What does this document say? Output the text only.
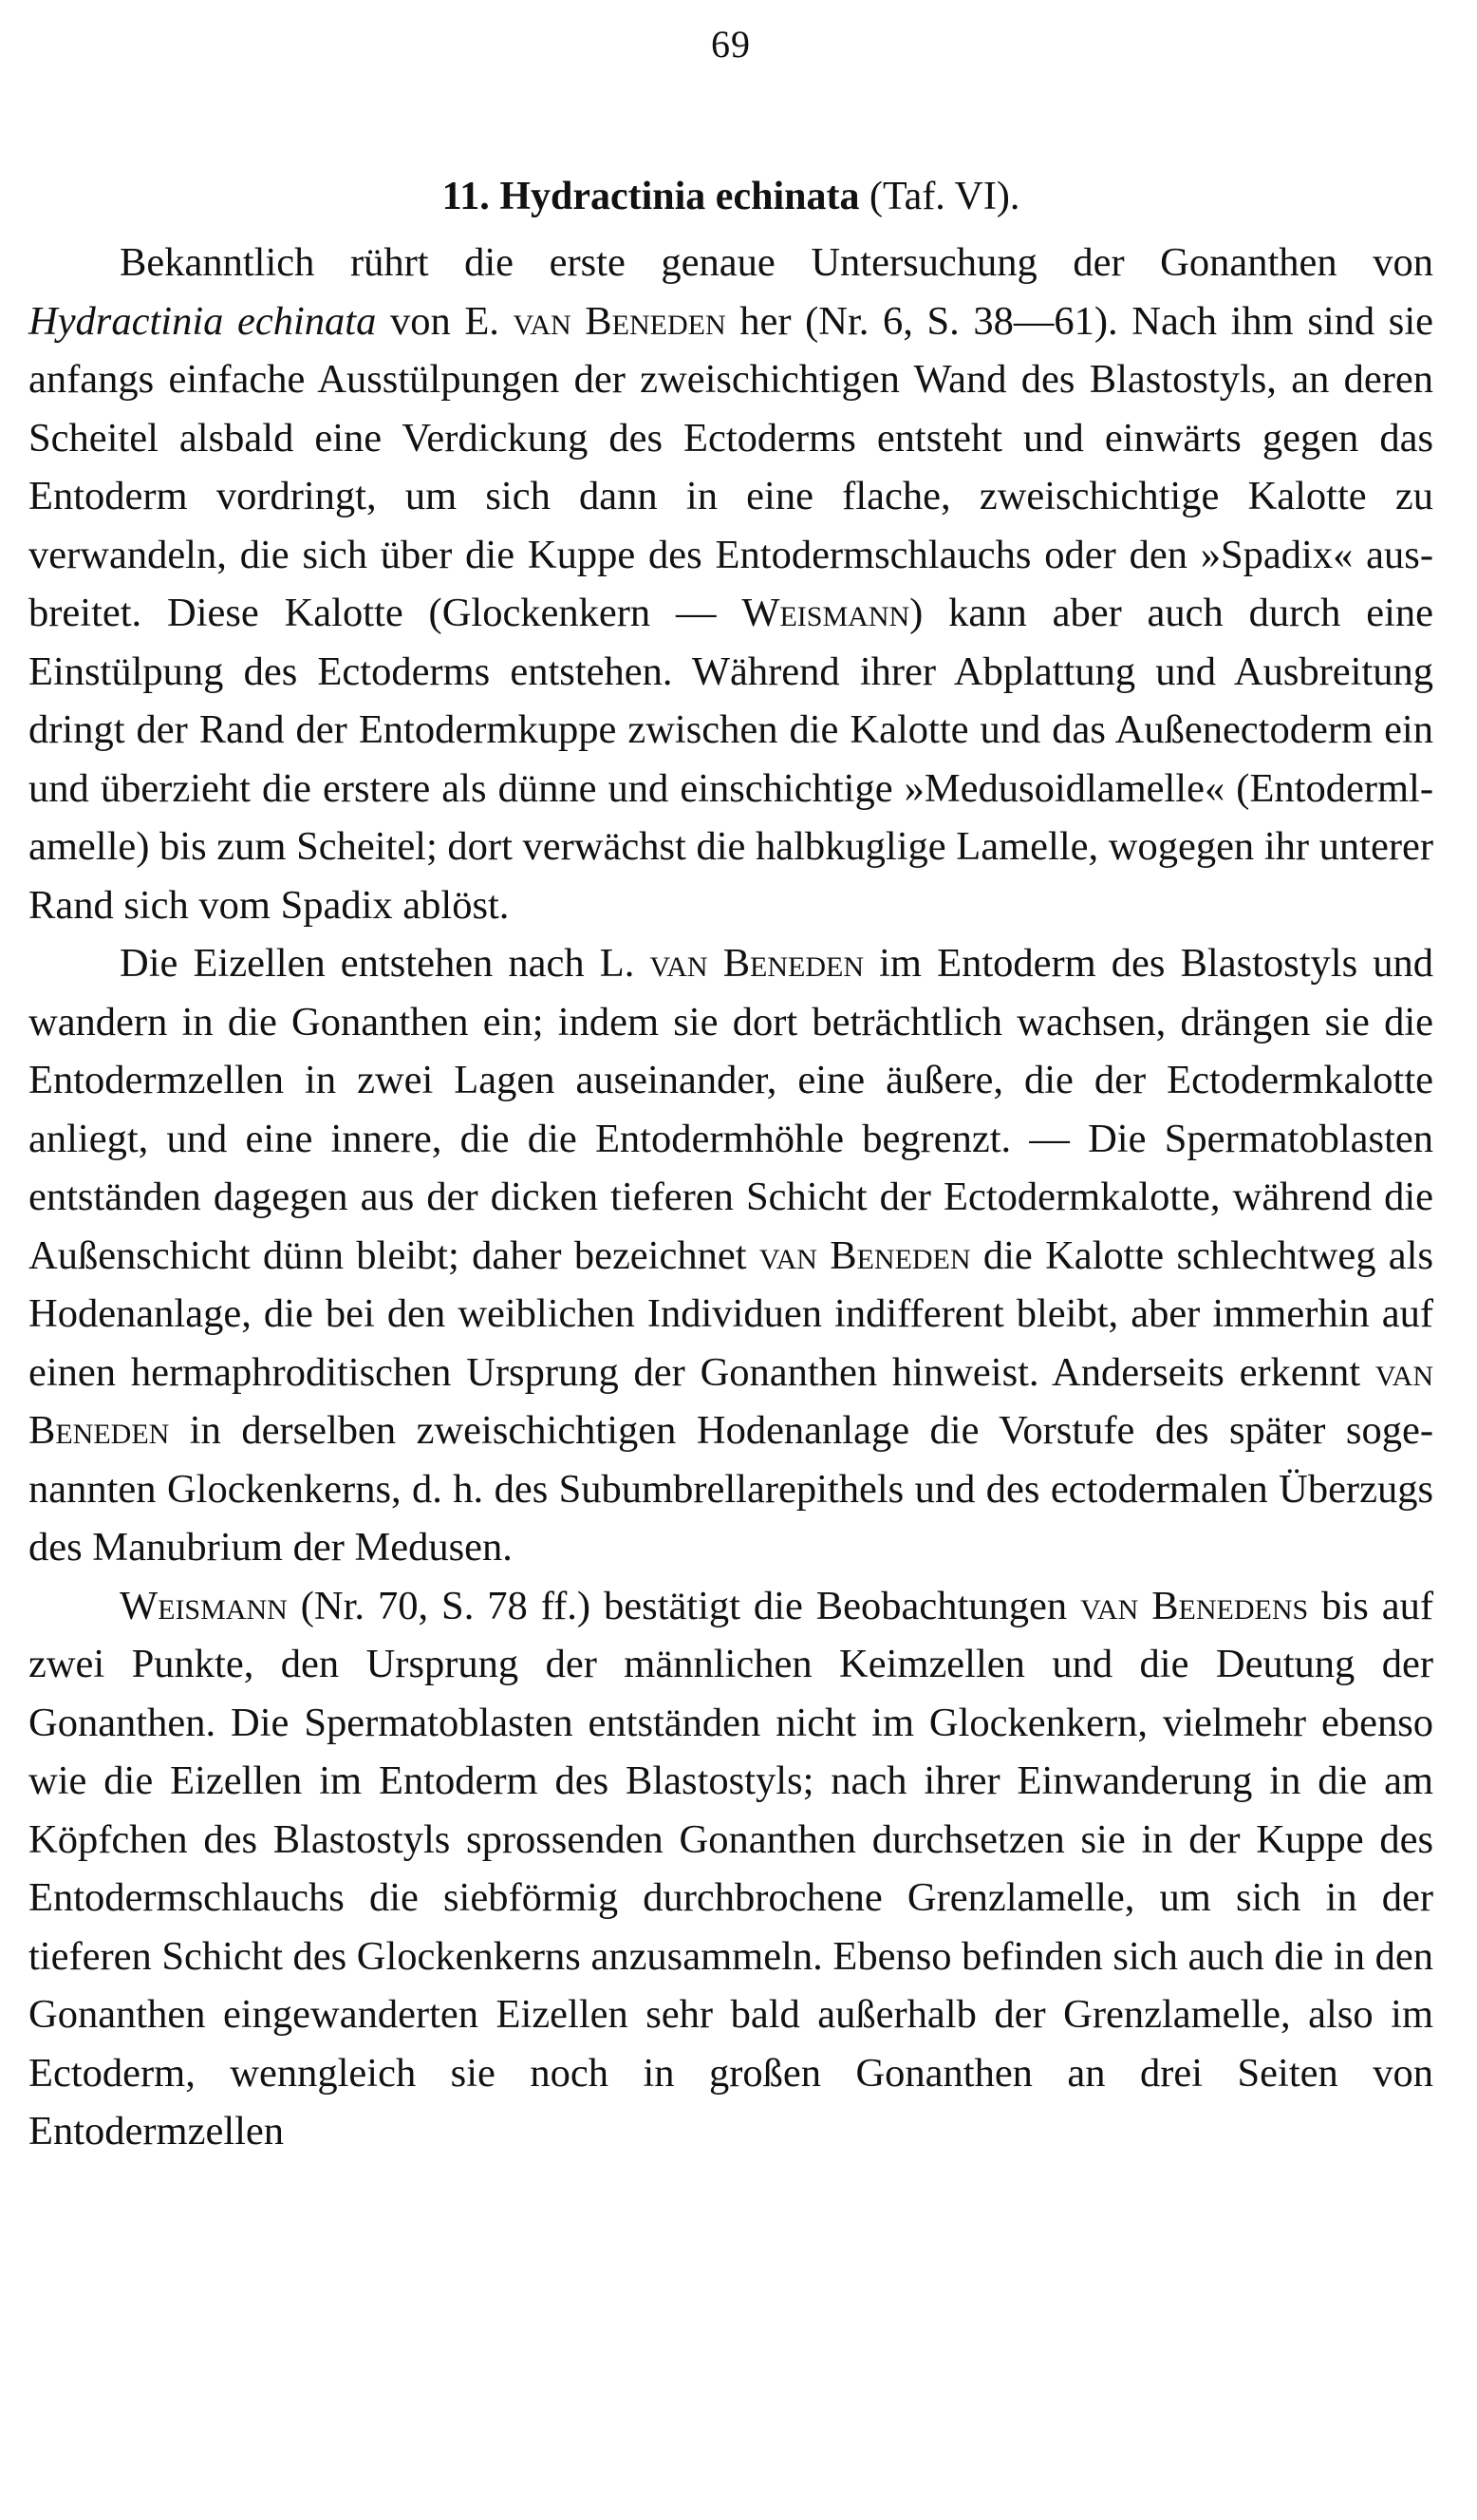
69
11. Hydractinia echinata (Taf. VI).

Bekanntlich rührt die erste genaue Untersuchung der Gonanthen von Hydractinia echinata von E. van Beneden her (Nr. 6, S. 38—61). Nach ihm sind sie anfangs einfache Ausstülpungen der zweischichtigen Wand des Blastostyls, an deren Scheitel alsbald eine Verdickung des Ectoderms entsteht und einwärts gegen das Entoderm vordringt, um sich dann in eine flache, zweischichtige Kalotte zu verwandeln, die sich über die Kuppe des Entodermschlauchs oder den »Spadix« ausbreitet. Diese Kalotte (Glockenkern — Weismann) kann aber auch durch eine Einstülpung des Ectoderms entstehen. Während ihrer Abplattung und Ausbreitung dringt der Rand der Entodermkuppe zwischen die Kalotte und das Außenectoderm ein und überzieht die erstere als dünne und einschichtige »Medusoidlamelle« (Entodermlamelle) bis zum Scheitel; dort verwächst die halbkuglige Lamelle, wogegen ihr unterer Rand sich vom Spadix ablöst.

Die Eizellen entstehen nach L. van Beneden im Entoderm des Blastostyls und wandern in die Gonanthen ein; indem sie dort beträchtlich wachsen, drängen sie die Entodermzellen in zwei Lagen auseinander, eine äußere, die der Ectodermkalotte anliegt, und eine innere, die die Entodermhöhle begrenzt. — Die Spermatoblasten entständen dagegen aus der dicken tieferen Schicht der Ectodermkalotte, während die Außenschicht dünn bleibt; daher bezeichnet van Beneden die Kalotte schlechtweg als Hodenanlage, die bei den weiblichen Individuen indifferent bleibt, aber immerhin auf einen hermaphroditischen Ursprung der Gonanthen hinweist. Anderseits erkennt van Beneden in derselben zweischichtigen Hodenanlage die Vorstufe des später sogenannten Glockenkerns, d. h. des Subumbrellarepithels und des ectodermalen Überzugs des Manubrium der Medusen.

Weismann (Nr. 70, S. 78 ff.) bestätigt die Beobachtungen van Benedens bis auf zwei Punkte, den Ursprung der männlichen Keimzellen und die Deutung der Gonanthen. Die Spermatoblasten entständen nicht im Glockenkern, vielmehr ebenso wie die Eizellen im Entoderm des Blastostyls; nach ihrer Einwanderung in die am Köpfchen des Blastostyls sprossenden Gonanthen durchsetzen sie in der Kuppe des Entodermschlauchs die siebförmig durchbrochene Grenzlamelle, um sich in der tieferen Schicht des Glockenkerns anzusammeln. Ebenso befinden sich auch die in den Gonanthen eingewanderten Eizellen sehr bald außerhalb der Grenzlamelle, also im Ectoderm, wenngleich sie noch in großen Gonanthen an drei Seiten von Entodermzellen
